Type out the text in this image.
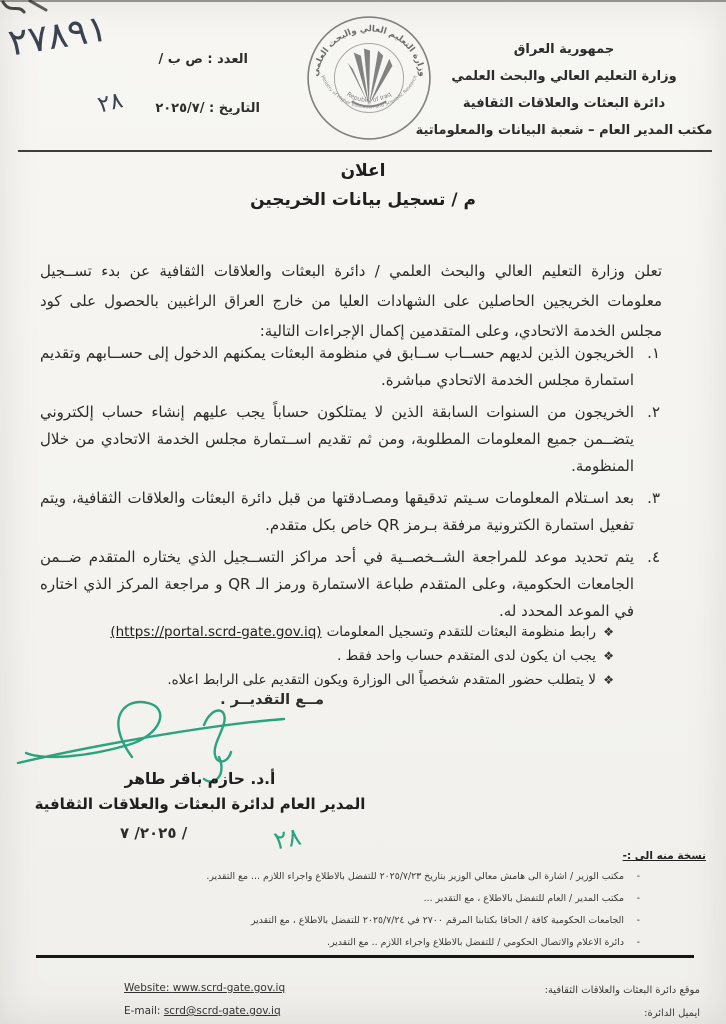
جمهورية العراق
وزارة التعليم العالي والبحث العلمي
دائرة البعثات والعلاقات الثقافية
مكتب المدير العام – شعبة البيانات والمعلوماتية
وزارة التعليم العالي والبحث العلمي
Republic of Iraq
Ministry of Higher Education and Scientific Research
العدد : ص ب /
٢٧٨٩١
التاريخ : ٢٠٢٥/٧/
٢٨
اعلان
م / تسجيل بيانات الخريجين

تعلن وزارة التعليم العالي والبحث العلمي / دائرة البعثات والعلاقات الثقافية عن بدء تســجيل معلومات الخريجين الحاصلين على الشهادات العليا من خارج العراق الراغبين بالحصول على كود مجلس الخدمة الاتحادي، وعلى المتقدمين إكمال الإجراءات التالية:

١.
الخريجون الذين لديهم حســاب ســابق في منظومة البعثات يمكنهم الدخول إلى حســابهم وتقديم استمارة مجلس الخدمة الاتحادي مباشرة.
٢.
الخريجون من السنوات السابقة الذين لا يمتلكون حساباً يجب عليهم إنشاء حساب إلكتروني يتضــمن جميع المعلومات المطلوبة، ومن ثم تقديم اســتمارة مجلس الخدمة الاتحادي من خلال المنظومة.
٣.
بعد اسـتلام المعلومات سـيتم تدقيقها ومصـادقتها من قبل دائرة البعثات والعلاقات الثقافية، ويتم تفعيل استمارة الكترونية مرفقة بـرمز QR خاص بكل متقدم.
٤.
يتم تحديد موعد للمراجعة الشــخصــية في أحد مراكز التســجيل الذي يختاره المتقدم ضــمن الجامعات الحكومية، وعلى المتقدم طباعة الاستمارة ورمز الـ QR و مراجعة المركز الذي اختاره في الموعد المحدد له.
❖
رابط منظومة البعثات للتقدم وتسجيل المعلومات
(https://portal.scrd-gate.gov.iq)
❖
يجب ان يكون لدى المتقدم حساب واحد فقط .
❖
لا يتطلب حضور المتقدم شخصياً الى الوزارة ويكون التقديم على الرابط اعلاه.
مــع التقديــر .
أ.د. حازم باقر طاهر
المدير العام لدائرة البعثات والعلاقات الثقافية
٢٠٢٥/ ٧ /	٢٨
نسخة منه الى :-
-
مكتب الوزير / اشارة الى هامش معالي الوزير بتاريخ ٢٠٢٥/٧/٢٣ للتفضل بالاطلاع واجراء اللازم ... مع التقدير.
-
مكتب المدير / العام للتفضل بالاطلاع ، مع التقدير ...
-
الجامعات الحكومية كافة / الحاقا بكتابنا المرقم ٢٧٠٠ في ٢٠٢٥/٧/٢٤ للتفضل بالاطلاع ، مع التقدير
-
دائرة الاعلام والاتصال الحكومي / للتفضل بالاطلاع واجراء اللازم .. مع التقدير.
Website: www.scrd-gate.gov.iq
E-mail: scrd@scrd-gate.gov.iq
موقع دائرة البعثات والعلاقات الثقافية:
ايميل الدائرة:
